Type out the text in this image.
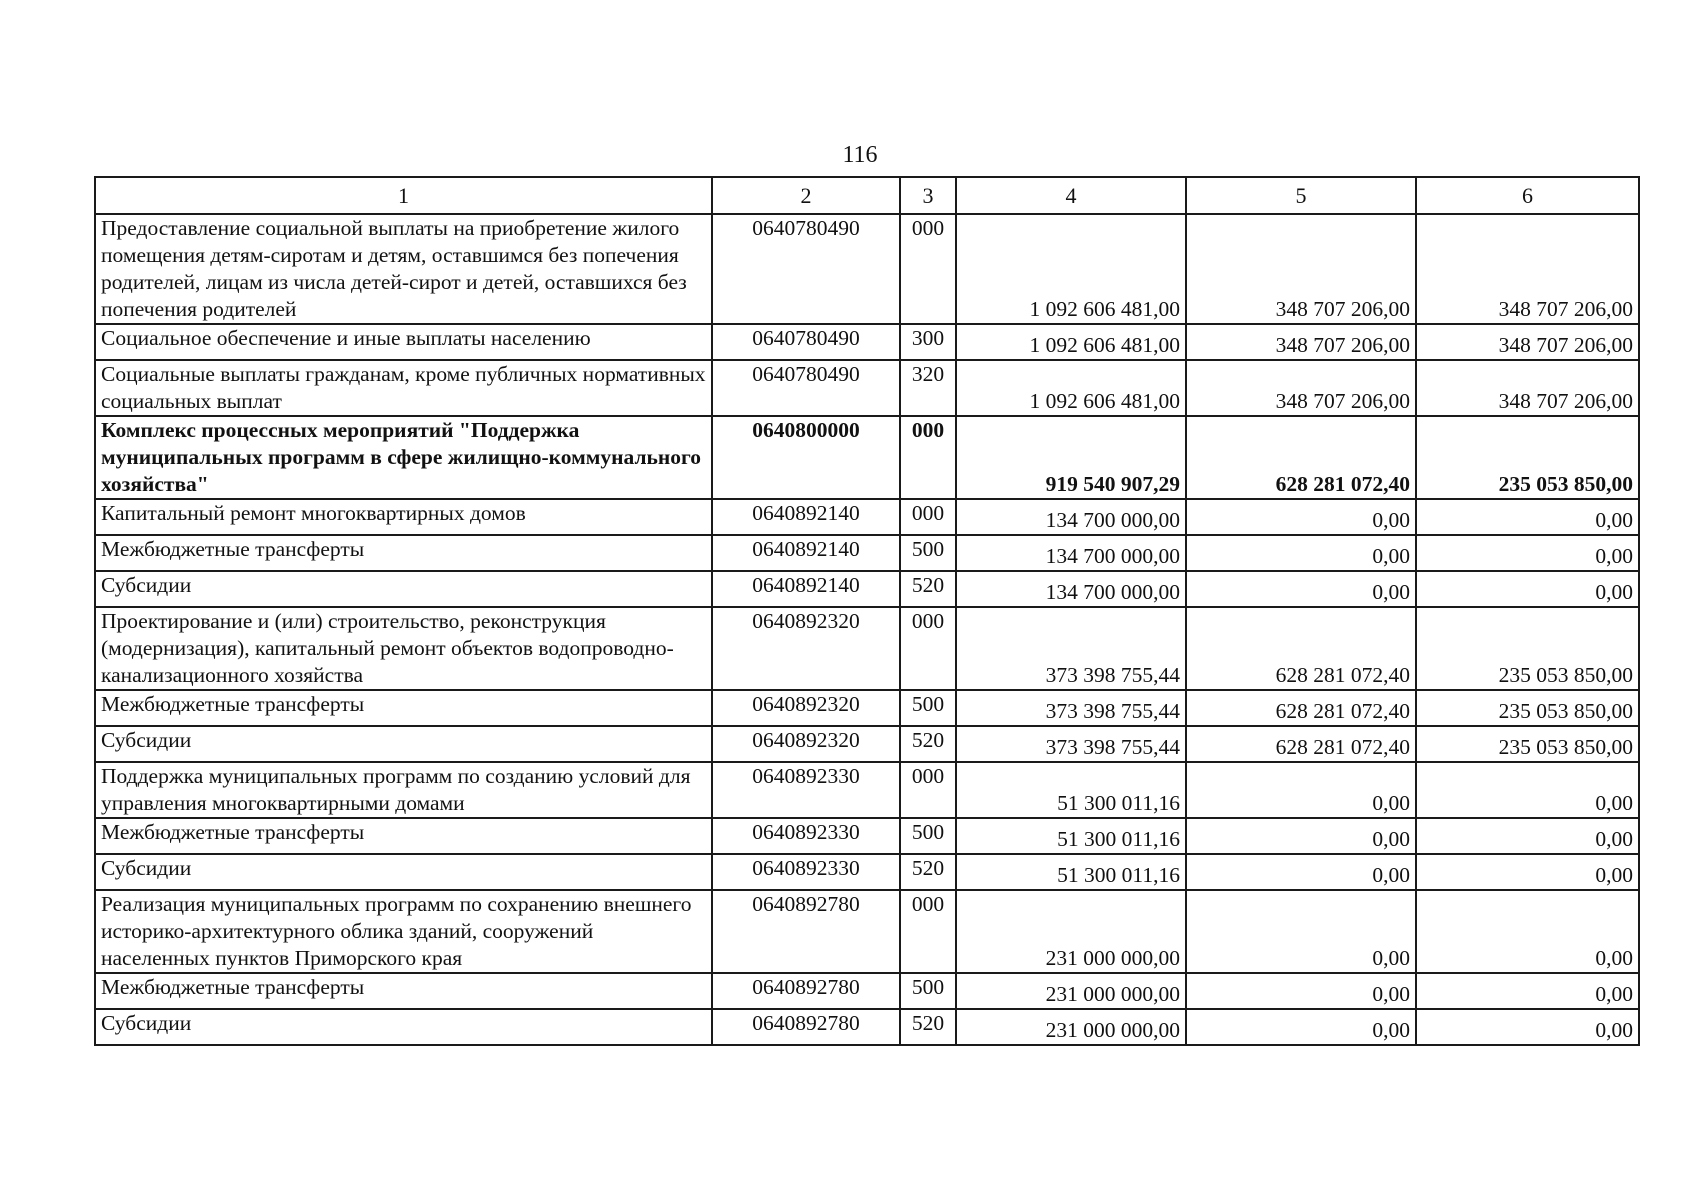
116
1	2	3	4	5	6
Предоставление социальной выплаты на приобретение жилого помещения детям-сиротам и детям, оставшимся без попечения родителей, лицам из числа детей-сирот и детей, оставшихся без попечения родителей	0640780490	000	1 092 606 481,00	348 707 206,00	348 707 206,00
Социальное обеспечение и иные выплаты населению	0640780490	300	1 092 606 481,00	348 707 206,00	348 707 206,00
Социальные выплаты гражданам, кроме публичных нормативных социальных выплат	0640780490	320	1 092 606 481,00	348 707 206,00	348 707 206,00
Комплекс процессных мероприятий "Поддержка муниципальных программ в сфере жилищно-коммунального хозяйства"	0640800000	000	919 540 907,29	628 281 072,40	235 053 850,00
Капитальный ремонт многоквартирных домов	0640892140	000	134 700 000,00	0,00	0,00
Межбюджетные трансферты	0640892140	500	134 700 000,00	0,00	0,00
Субсидии	0640892140	520	134 700 000,00	0,00	0,00
Проектирование и (или) строительство, реконструкция (модернизация), капитальный ремонт объектов водопроводно-канализационного хозяйства	0640892320	000	373 398 755,44	628 281 072,40	235 053 850,00
Межбюджетные трансферты	0640892320	500	373 398 755,44	628 281 072,40	235 053 850,00
Субсидии	0640892320	520	373 398 755,44	628 281 072,40	235 053 850,00
Поддержка муниципальных программ по созданию условий для управления многоквартирными домами	0640892330	000	51 300 011,16	0,00	0,00
Межбюджетные трансферты	0640892330	500	51 300 011,16	0,00	0,00
Субсидии	0640892330	520	51 300 011,16	0,00	0,00
Реализация муниципальных программ по сохранению внешнего историко-архитектурного облика зданий, сооружений населенных пунктов Приморского края	0640892780	000	231 000 000,00	0,00	0,00
Межбюджетные трансферты	0640892780	500	231 000 000,00	0,00	0,00
Субсидии	0640892780	520	231 000 000,00	0,00	0,00
